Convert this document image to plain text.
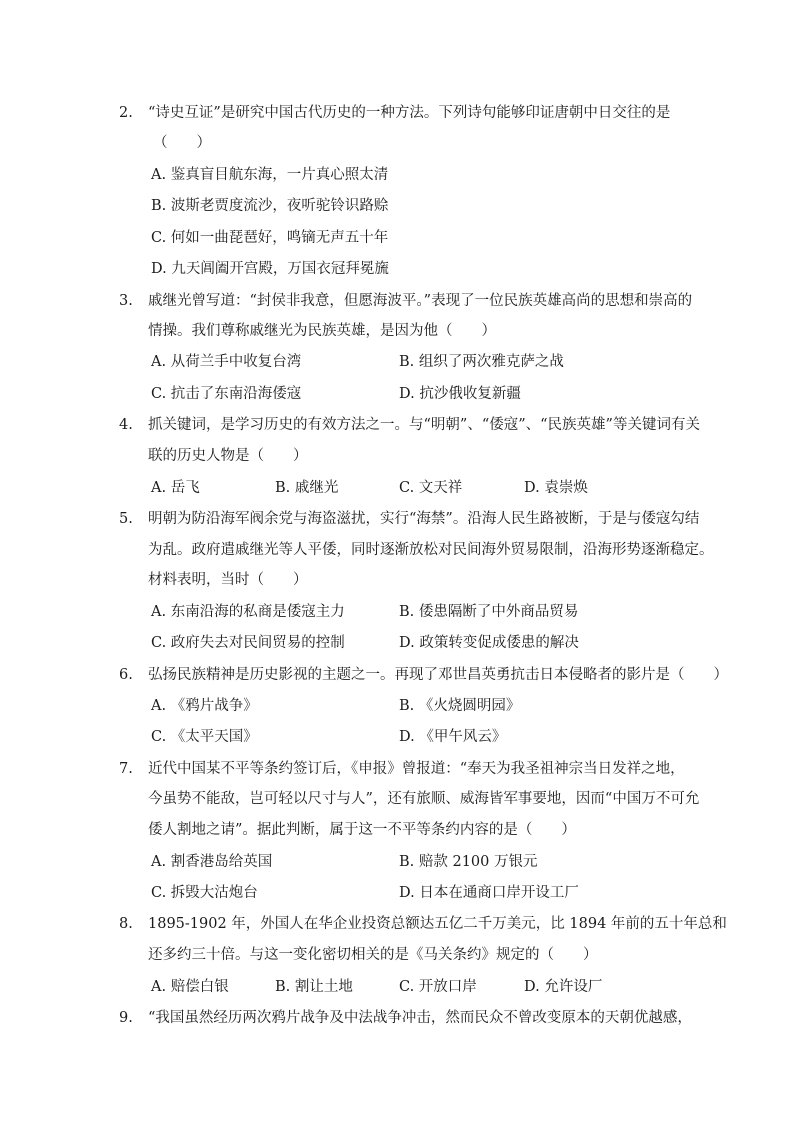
2. “诗史互证”是研究中国古代历史的一种方法。下列诗句能够印证唐朝中日交往的是
（　　）
A. 鉴真盲目航东海，一片真心照太清
B. 波斯老贾度流沙，夜听驼铃识路赊
C. 何如一曲琵琶好，鸣镝无声五十年
D. 九天阊阖开宫殿，万国衣冠拜冕旒
3. 戚继光曾写道：“封侯非我意，但愿海波平。”表现了一位民族英雄高尚的思想和崇高的
情操。我们尊称戚继光为民族英雄，是因为他（　　）
A. 从荷兰手中收复台湾	B. 组织了两次雅克萨之战
C. 抗击了东南沿海倭寇	D. 抗沙俄收复新疆
4. 抓关键词，是学习历史的有效方法之一。与“明朝”、“倭寇”、“民族英雄”等关键词有关
联的历史人物是（　　）
A. 岳飞	B. 戚继光	C. 文天祥	D. 袁崇焕
5. 明朝为防沿海军阀余党与海盗滋扰，实行“海禁”。沿海人民生路被断，于是与倭寇勾结
为乱。政府遣戚继光等人平倭，同时逐渐放松对民间海外贸易限制，沿海形势逐渐稳定。
材料表明，当时（　　）
A. 东南沿海的私商是倭寇主力	B. 倭患隔断了中外商品贸易
C. 政府失去对民间贸易的控制	D. 政策转变促成倭患的解决
6. 弘扬民族精神是历史影视的主题之一。再现了邓世昌英勇抗击日本侵略者的影片是（　　）
A. 《鸦片战争》	B. 《火烧圆明园》
C. 《太平天国》	D. 《甲午风云》
7. 近代中国某不平等条约签订后，《申报》曾报道：“奉天为我圣祖神宗当日发祥之地，
今虽势不能敌，岂可轻以尺寸与人”，还有旅顺、威海皆军事要地，因而“中国万不可允
倭人割地之请”。据此判断，属于这一不平等条约内容的是（　　）
A. 割香港岛给英国	B. 赔款 2100 万银元
C. 拆毁大沽炮台	D. 日本在通商口岸开设工厂
8. 1895-1902 年，外国人在华企业投资总额达五亿二千万美元，比 1894 年前的五十年总和
还多约三十倍。与这一变化密切相关的是《马关条约》规定的（　　）
A. 赔偿白银	B. 割让土地	C. 开放口岸	D. 允许设厂
9. “我国虽然经历两次鸦片战争及中法战争冲击，然而民众不曾改变原本的天朝优越感，
